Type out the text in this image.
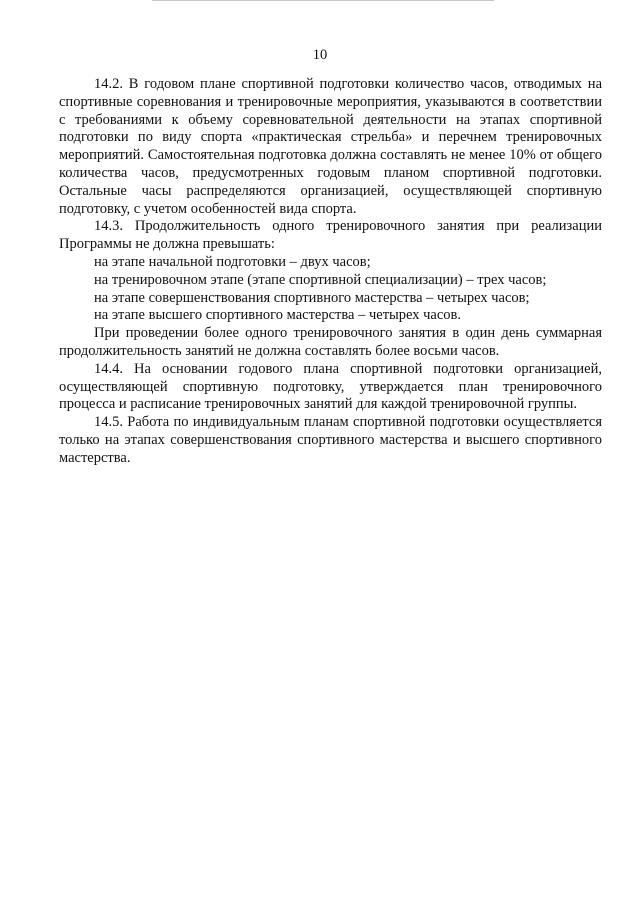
10

14.2. В годовом плане спортивной подготовки количество часов, отводимых на спортивные соревнования и тренировочные мероприятия, указываются в соответствии с требованиями к объему соревновательной деятельности на этапах спортивной подготовки по виду спорта «практическая стрельба» и перечнем тренировочных мероприятий. Самостоятельная подготовка должна составлять не менее 10% от общего количества часов, предусмотренных годовым планом спортивной подготовки. Остальные часы распределяются организацией, осуществляющей спортивную подготовку, с учетом особенностей вида спорта.

14.3. Продолжительность одного тренировочного занятия при реализации Программы не должна превышать:

на этапе начальной подготовки – двух часов;

на тренировочном этапе (этапе спортивной специализации) – трех часов;

на этапе совершенствования спортивного мастерства – четырех часов;

на этапе высшего спортивного мастерства – четырех часов.

При проведении более одного тренировочного занятия в один день суммарная продолжительность занятий не должна составлять более восьми часов.

14.4. На основании годового плана спортивной подготовки организацией, осуществляющей спортивную подготовку, утверждается план тренировочного процесса и расписание тренировочных занятий для каждой тренировочной группы.

14.5. Работа по индивидуальным планам спортивной подготовки осуществляется только на этапах совершенствования спортивного мастерства и высшего спортивного мастерства.
